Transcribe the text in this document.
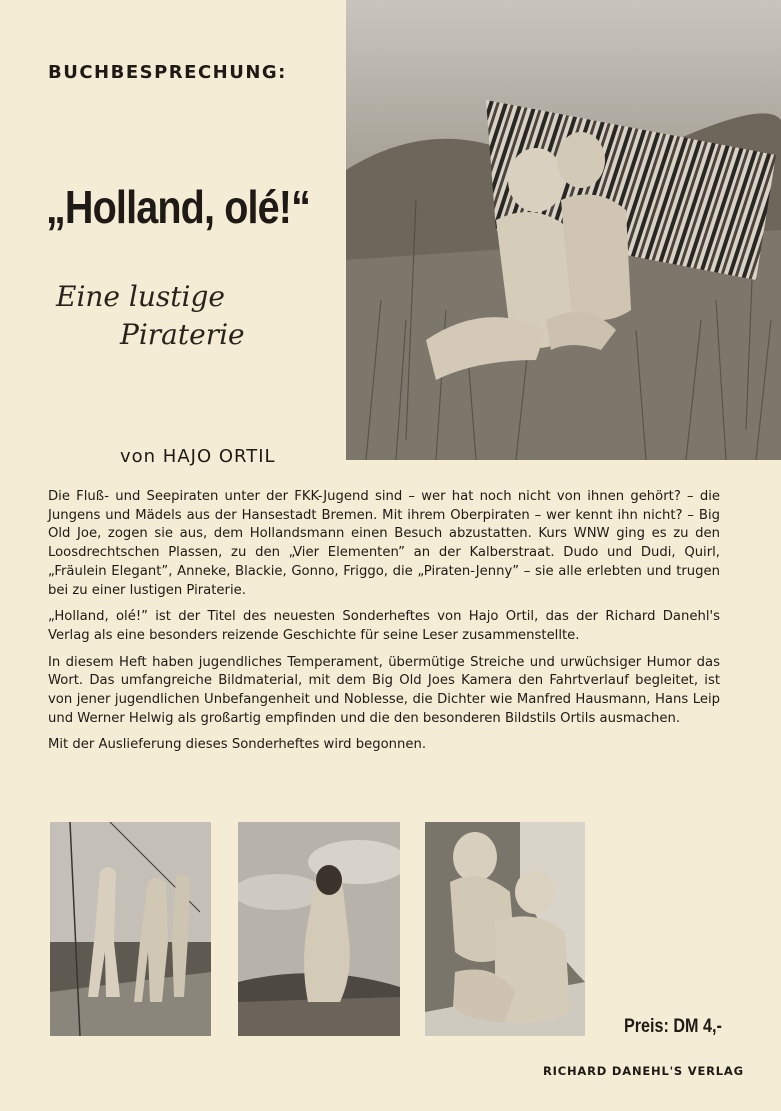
BUCHBESPRECHUNG:
„Holland, olé!“
Eine lustige
Piraterie
von HAJO ORTIL

Die Fluß- und Seepiraten unter der FKK-Jugend sind – wer hat noch nicht von ihnen gehört? – die Jungens und Mädels aus der Hansestadt Bremen. Mit ihrem Oberpiraten – wer kennt ihn nicht? – Big Old Joe, zogen sie aus, dem Hollandsmann einen Besuch abzustatten. Kurs WNW ging es zu den Loosdrechtschen Plassen, zu den „Vier Elementen” an der Kalberstraat. Dudo und Dudi, Quirl, „Fräulein Elegant”, Anneke, Blackie, Gonno, Friggo, die „Piraten-Jenny” – sie alle erlebten und trugen bei zu einer lustigen Piraterie.

„Holland, olé!” ist der Titel des neuesten Sonderheftes von Hajo Ortil, das der Richard Danehl's Verlag als eine besonders reizende Geschichte für seine Leser zusammenstellte.

In diesem Heft haben jugendliches Temperament, übermütige Streiche und urwüchsiger Humor das Wort. Das umfangreiche Bildmaterial, mit dem Big Old Joes Kamera den Fahrtverlauf begleitet, ist von jener jugendlichen Unbefangenheit und Noblesse, die Dichter wie Manfred Hausmann, Hans Leip und Werner Helwig als großartig empfinden und die den besonderen Bildstils Ortils ausmachen.

Mit der Auslieferung dieses Sonderheftes wird begonnen.

Preis: DM 4,-
RICHARD DANEHL'S VERLAG
